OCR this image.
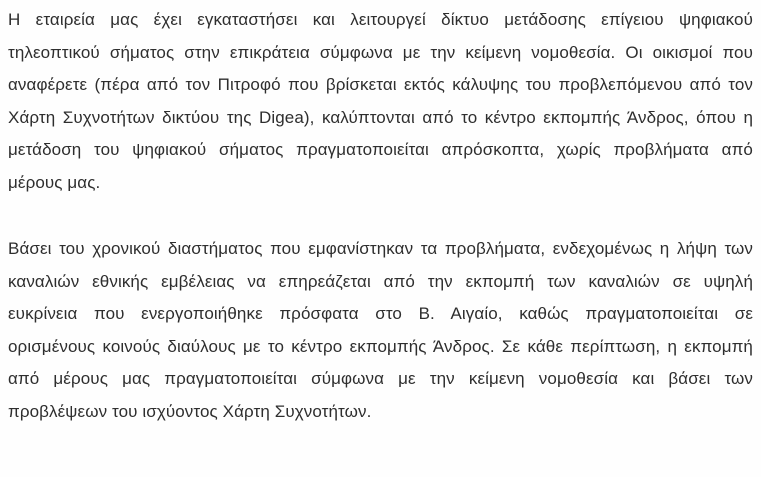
Η εταιρεία μας έχει εγκαταστήσει και λειτουργεί δίκτυο μετάδοσης επίγειου ψηφιακού
τηλεοπτικού σήματος στην επικράτεια σύμφωνα με την κείμενη νομοθεσία. Οι οικισμοί που
αναφέρετε (πέρα από τον Πιτροφό που βρίσκεται εκτός κάλυψης του προβλεπόμενου από τον
Χάρτη Συχνοτήτων δικτύου της Digea), καλύπτονται από το κέντρο εκπομπής Άνδρος, όπου η
μετάδοση του ψηφιακού σήματος πραγματοποιείται απρόσκοπτα, χωρίς προβλήματα από
μέρους μας.
Βάσει του χρονικού διαστήματος που εμφανίστηκαν τα προβλήματα, ενδεχομένως η λήψη των
καναλιών εθνικής εμβέλειας να επηρεάζεται από την εκπομπή των καναλιών σε υψηλή
ευκρίνεια που ενεργοποιήθηκε πρόσφατα στο Β. Αιγαίο, καθώς πραγματοποιείται σε
ορισμένους κοινούς διαύλους με το κέντρο εκπομπής Άνδρος. Σε κάθε περίπτωση, η εκπομπή
από μέρους μας πραγματοποιείται σύμφωνα με την κείμενη νομοθεσία και βάσει των
προβλέψεων του ισχύοντος Χάρτη Συχνοτήτων.
